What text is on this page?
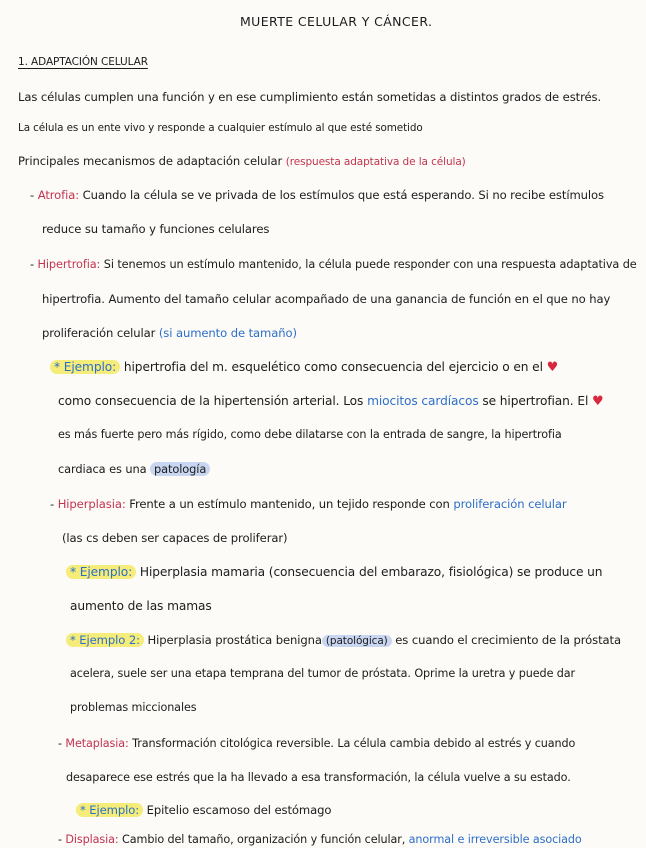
MUERTE CELULAR Y CÁNCER.
1. ADAPTACIÓN CELULAR
Las células cumplen una función y en ese cumplimiento están sometidas a distintos grados de estrés.
La célula es un ente vivo y responde a cualquier estímulo al que esté sometido
Principales mecanismos de adaptación celular (respuesta adaptativa de la célula)
- Atrofia: Cuando la célula se ve privada de los estímulos que está esperando. Si no recibe estímulos
reduce su tamaño y funciones celulares
- Hipertrofia: Si tenemos un estímulo mantenido, la célula puede responder con una respuesta adaptativa de
hipertrofia. Aumento del tamaño celular acompañado de una ganancia de función en el que no hay
proliferación celular (si aumento de tamaño)
* Ejemplo: hipertrofia del m. esquelético como consecuencia del ejercicio o en el ♥
como consecuencia de la hipertensión arterial. Los miocitos cardíacos se hipertrofian. El ♥
es más fuerte pero más rígido, como debe dilatarse con la entrada de sangre, la hipertrofia
cardiaca es una patología
- Hiperplasia: Frente a un estímulo mantenido, un tejido responde con proliferación celular
(las cs deben ser capaces de proliferar)
* Ejemplo: Hiperplasia mamaria (consecuencia del embarazo, fisiológica) se produce un
aumento de las mamas
* Ejemplo 2: Hiperplasia prostática benigna (patológica) es cuando el crecimiento de la próstata
acelera, suele ser una etapa temprana del tumor de próstata. Oprime la uretra y puede dar
problemas miccionales
- Metaplasia: Transformación citológica reversible. La célula cambia debido al estrés y cuando
desaparece ese estrés que la ha llevado a esa transformación, la célula vuelve a su estado.
* Ejemplo: Epitelio escamoso del estómago
- Displasia: Cambio del tamaño, organización y función celular, anormal e irreversible asociado
